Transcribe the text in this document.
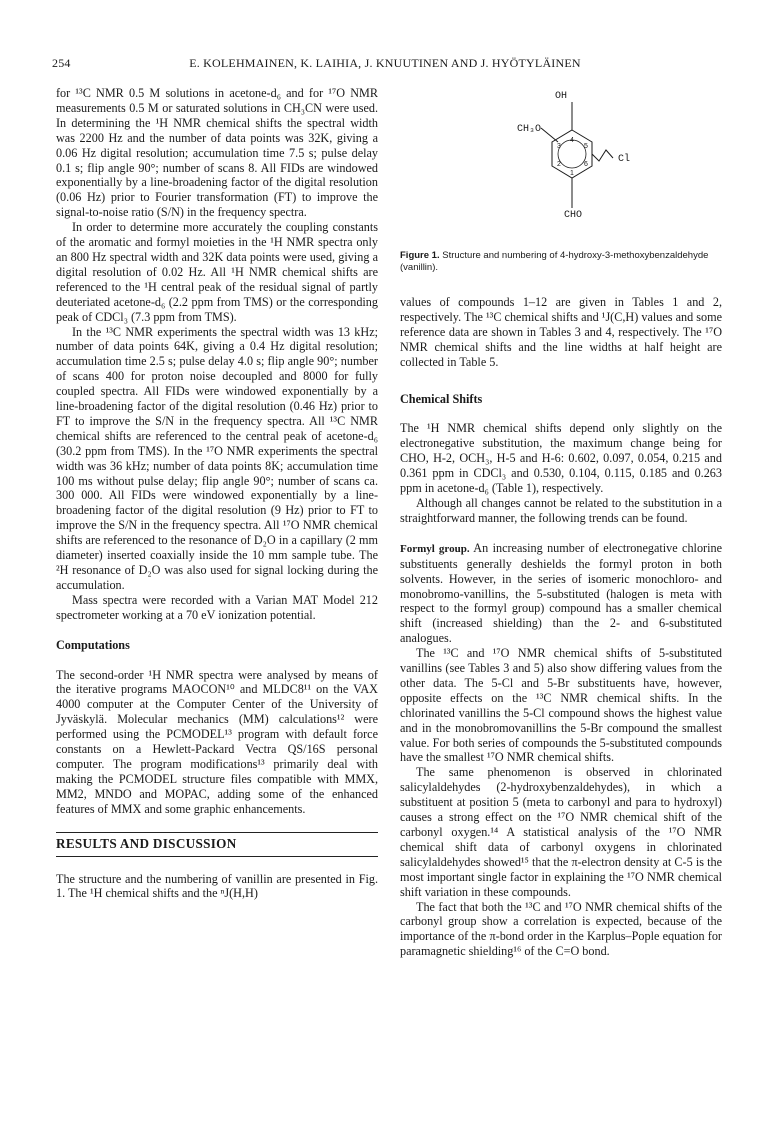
254	E. KOLEHMAINEN, K. LAIHIA, J. KNUUTINEN AND J. HYÖTYLÄINEN

for ¹³C NMR 0.5 M solutions in acetone-d₆ and for ¹⁷O NMR measurements 0.5 M or saturated solutions in CH₃CN were used. In determining the ¹H NMR chemical shifts the spectral width was 2200 Hz and the number of data points was 32K, giving a 0.06 Hz digital resolution; accumulation time 7.5 s; pulse delay 0.1 s; flip angle 90°; number of scans 8. All FIDs are windowed exponentially by a line-broadening factor of the digital resolution (0.06 Hz) prior to Fourier transformation (FT) to improve the signal-to-noise ratio (S/N) in the frequency spectra.

In order to determine more accurately the coupling constants of the aromatic and formyl moieties in the ¹H NMR spectra only an 800 Hz spectral width and 32K data points were used, giving a digital resolution of 0.02 Hz. All ¹H NMR chemical shifts are referenced to the ¹H central peak of the residual signal of partly deuteriated acetone-d₆ (2.2 ppm from TMS) or the corresponding peak of CDCl₃ (7.3 ppm from TMS).

In the ¹³C NMR experiments the spectral width was 13 kHz; number of data points 64K, giving a 0.4 Hz digital resolution; accumulation time 2.5 s; pulse delay 4.0 s; flip angle 90°; number of scans 400 for proton noise decoupled and 8000 for fully coupled spectra. All FIDs were windowed exponentially by a line-broadening factor of the digital resolution (0.46 Hz) prior to FT to improve the S/N in the frequency spectra. All ¹³C NMR chemical shifts are referenced to the central peak of acetone-d₆ (30.2 ppm from TMS). In the ¹⁷O NMR experiments the spectral width was 36 kHz; number of data points 8K; accumulation time 100 ms without pulse delay; flip angle 90°; number of scans ca. 300 000. All FIDs were windowed exponentially by a line-broadening factor of the digital resolution (9 Hz) prior to FT to improve the S/N in the frequency spectra. All ¹⁷O NMR chemical shifts are referenced to the resonance of D₂O in a capillary (2 mm diameter) inserted coaxially inside the 10 mm sample tube. The ²H resonance of D₂O was also used for signal locking during the accumulation.

Mass spectra were recorded with a Varian MAT Model 212 spectrometer working at a 70 eV ionization potential.

Computations

The second-order ¹H NMR spectra were analysed by means of the iterative programs MAOCON¹⁰ and MLDC8¹¹ on the VAX 4000 computer at the Computer Center of the University of Jyväskylä. Molecular mechanics (MM) calculations¹² were performed using the PCMODEL¹³ program with default force constants on a Hewlett-Packard Vectra QS/16S personal computer. The program modifications¹³ primarily deal with making the PCMODEL structure files compatible with MMX, MM2, MNDO and MOPAC, adding some of the enhanced features of MMX and some graphic enhancements.

RESULTS AND DISCUSSION

The structure and the numbering of vanillin are presented in Fig. 1. The ¹H chemical shifts and the ⁿJ(H,H)

OH
CH₃O
Cl
CHO
4
3	5
2	6
1
Figure 1. Structure and numbering of 4-hydroxy-3-methoxybenzaldehyde (vanillin).

values of compounds 1–12 are given in Tables 1 and 2, respectively. The ¹³C chemical shifts and ¹J(C,H) values and some reference data are shown in Tables 3 and 4, respectively. The ¹⁷O NMR chemical shifts and the line widths at half height are collected in Table 5.

Chemical Shifts

The ¹H NMR chemical shifts depend only slightly on the electronegative substitution, the maximum change being for CHO, H-2, OCH₃, H-5 and H-6: 0.602, 0.097, 0.054, 0.215 and 0.361 ppm in CDCl₃ and 0.530, 0.104, 0.115, 0.185 and 0.263 ppm in acetone-d₆ (Table 1), respectively.

Although all changes cannot be related to the substitution in a straightforward manner, the following trends can be found.

Formyl group. An increasing number of electronegative chlorine substituents generally deshields the formyl proton in both solvents. However, in the series of isomeric monochloro- and monobromo-vanillins, the 5-substituted (halogen is meta with respect to the formyl group) compound has a smaller chemical shift (increased shielding) than the 2- and 6-substituted analogues.

The ¹³C and ¹⁷O NMR chemical shifts of 5-substituted vanillins (see Tables 3 and 5) also show differing values from the other data. The 5-Cl and 5-Br substituents have, however, opposite effects on the ¹³C NMR chemical shifts. In the chlorinated vanillins the 5-Cl compound shows the highest value and in the monobromovanillins the 5-Br compound the smallest value. For both series of compounds the 5-substituted compounds have the smallest ¹⁷O NMR chemical shifts.

The same phenomenon is observed in chlorinated salicylaldehydes (2-hydroxybenzaldehydes), in which a substituent at position 5 (meta to carbonyl and para to hydroxyl) causes a strong effect on the ¹⁷O NMR chemical shift of the carbonyl oxygen.¹⁴ A statistical analysis of the ¹⁷O NMR chemical shift data of carbonyl oxygens in chlorinated salicylaldehydes showed¹⁵ that the π-electron density at C-5 is the most important single factor in explaining the ¹⁷O NMR chemical shift variation in these compounds.

The fact that both the ¹³C and ¹⁷O NMR chemical shifts of the carbonyl group show a correlation is expected, because of the importance of the π-bond order in the Karplus–Pople equation for paramagnetic shielding¹⁶ of the C=O bond.
